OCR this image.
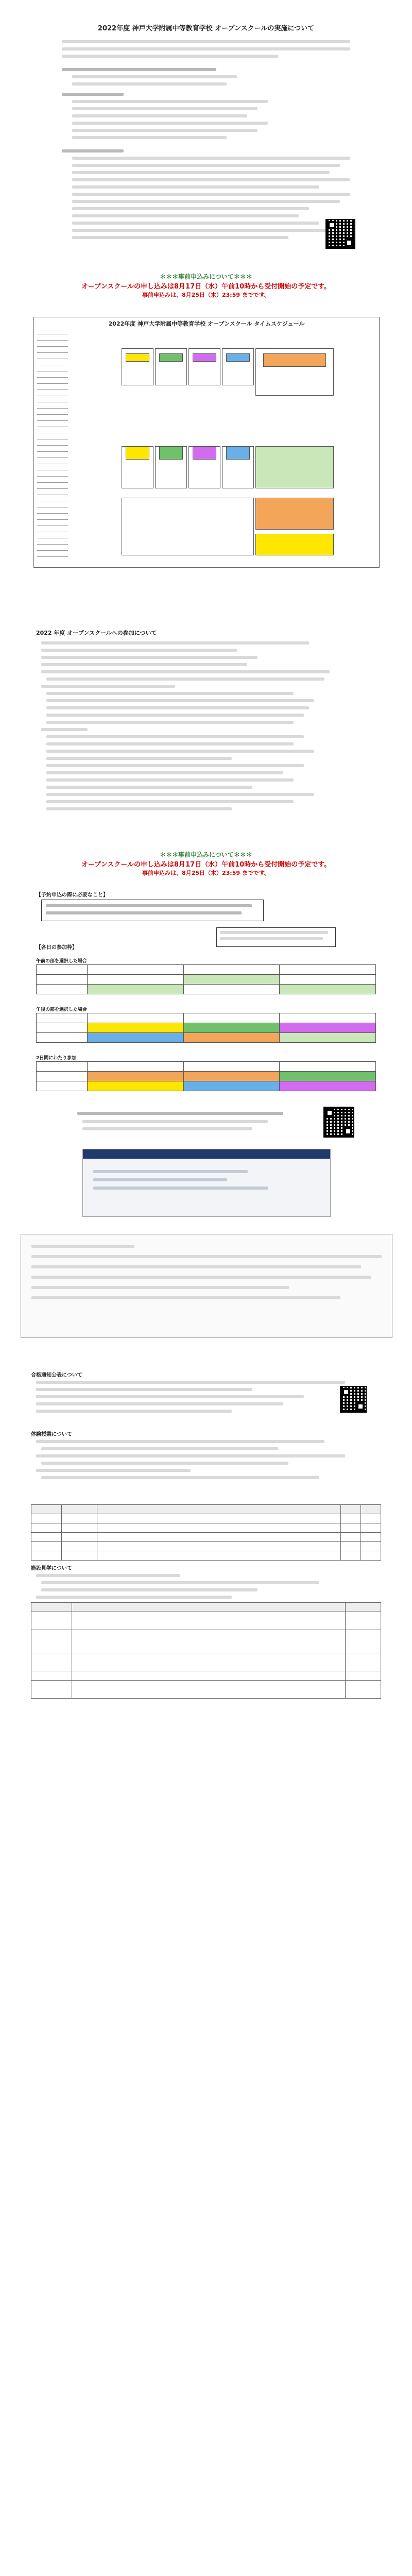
2022年度 神戸大学附属中等教育学校 オープンスクールの実施について
＊＊＊事前申込みについて＊＊＊
オープンスクールの申し込みは8月17日（水）午前10時から受付開始の予定です。
事前申込みは、8月25日（木）23:59 までです。
2022年度 神戸大学附属中等教育学校 オープンスクール タイムスケジュール
2022 年度 オープンスクールへの参加について
＊＊＊事前申込みについて＊＊＊
オープンスクールの申し込みは8月17日（水）午前10時から受付開始の予定です。
事前申込みは、8月25日（木）23:59 までです。
【予約申込の際に必要なこと】
【各日の参加枠】
午前の部を選択した場合

午後の部を選択した場合

2日間にわたり参加

合格通知公表について
体験授業について

施設見学について
